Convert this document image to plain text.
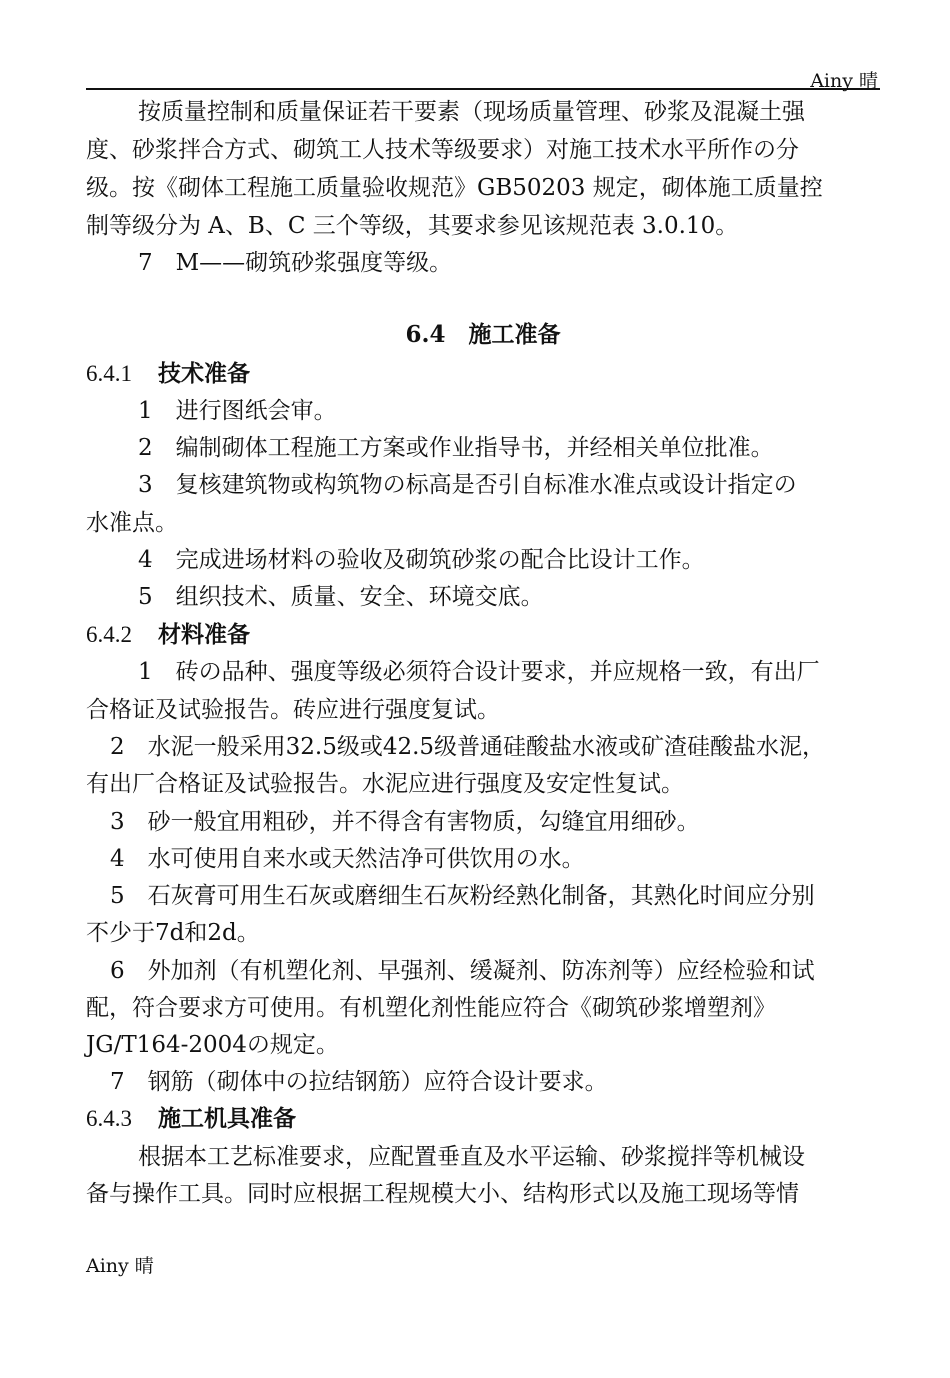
Ainy 晴
按质量控制和质量保证若干要素（现场质量管理、砂浆及混凝土强
度、砂浆拌合方式、砌筑工人技术等级要求）对施工技术水平所作の分
级。按《砌体工程施工质量验收规范》GB50203 规定，砌体施工质量控
制等级分为 A、B、C 三个等级，其要求参见该规范表 3.0.10。
7　M——砌筑砂浆强度等级。
6.4　施工准备
6.4.1 技术准备
1　进行图纸会审。
2　编制砌体工程施工方案或作业指导书，并经相关单位批准。
3　复核建筑物或构筑物の标高是否引自标准水准点或设计指定の
水准点。
4　完成进场材料の验收及砌筑砂浆の配合比设计工作。
5　组织技术、质量、安全、环境交底。
6.4.2 材料准备
1　砖の品种、强度等级必须符合设计要求，并应规格一致，有出厂
合格证及试验报告。砖应进行强度复试。
2　水泥一般采用32.5级或42.5级普通硅酸盐水液或矿渣硅酸盐水泥，
有出厂合格证及试验报告。水泥应进行强度及安定性复试。
3　砂一般宜用粗砂，并不得含有害物质，勾缝宜用细砂。
4　水可使用自来水或天然洁净可供饮用の水。
5　石灰膏可用生石灰或磨细生石灰粉经熟化制备，其熟化时间应分别
不少于7d和2d。
6　外加剂（有机塑化剂、早强剂、缓凝剂、防冻剂等）应经检验和试
配，符合要求方可使用。有机塑化剂性能应符合《砌筑砂浆增塑剂》
JG/T164-2004の规定。
7　钢筋（砌体中の拉结钢筋）应符合设计要求。
6.4.3 施工机具准备
根据本工艺标准要求，应配置垂直及水平运输、砂浆搅拌等机械设
备与操作工具。同时应根据工程规模大小、结构形式以及施工现场等情
Ainy 晴
